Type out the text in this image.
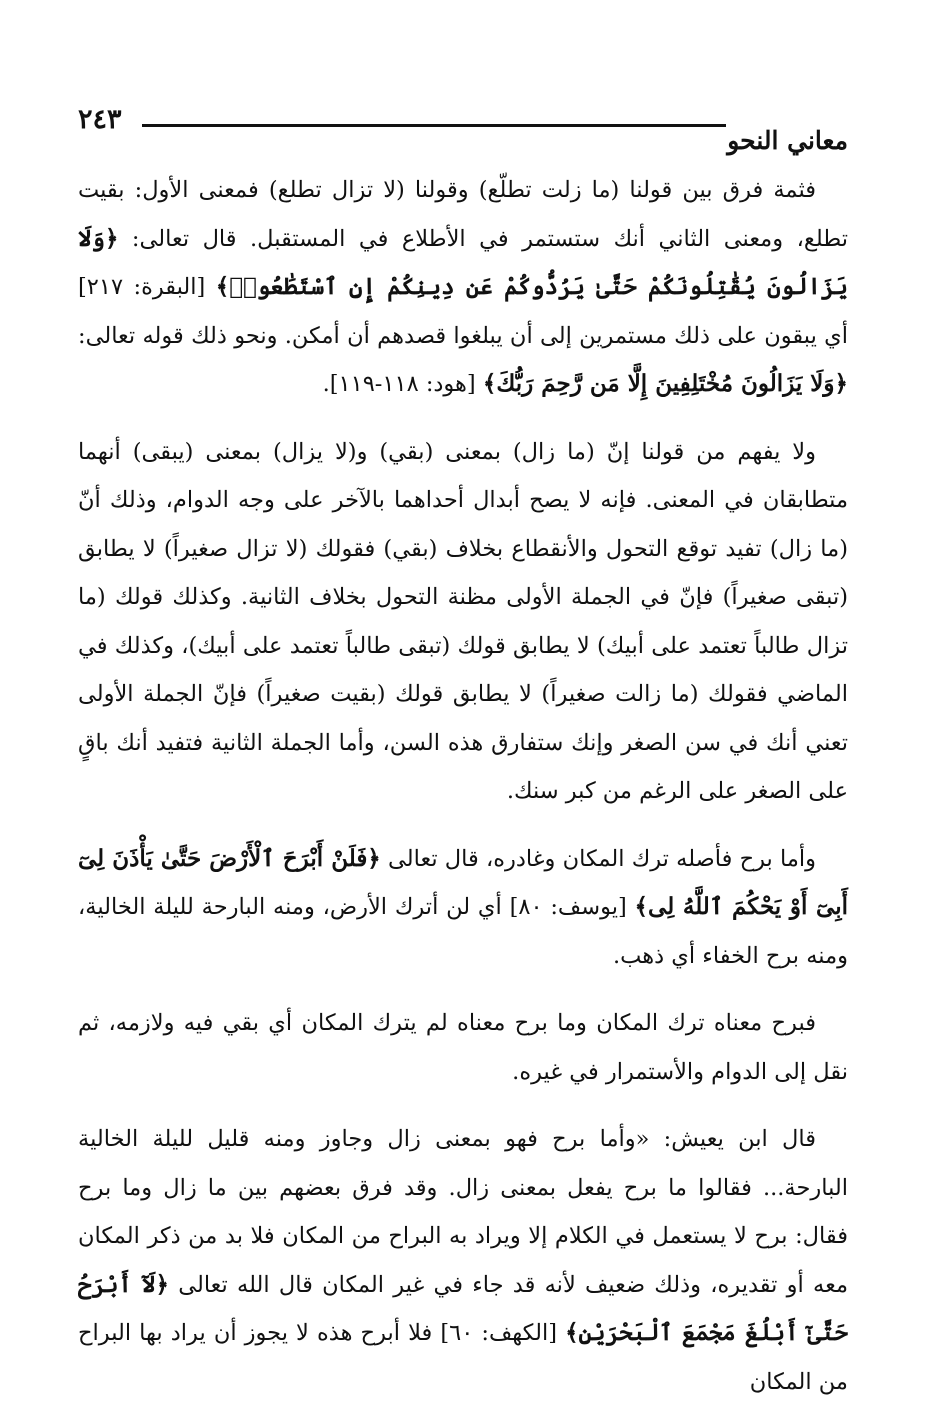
معاني النحو
٢٤٣

فثمة فرق بين قولنا (ما زلت تطلّع) وقولنا (لا تزال تطلع) فمعنى الأول: بقيت تطلع، ومعنى الثاني أنك ستستمر في الأطلاع في المستقبل. قال تعالى: ﴿وَلَا يَزَالُونَ يُقَٰتِلُونَكُمْ حَتَّىٰ يَرُدُّوكُمْ عَن دِينِكُمْ إِنِ ٱسْتَطَٰعُوا۟﴾ [البقرة: ٢١٧] أي يبقون على ذلك مستمرين إلى أن يبلغوا قصدهم أن أمكن. ونحو ذلك قوله تعالى: ﴿وَلَا يَزَالُونَ مُخْتَلِفِينَ إِلَّا مَن رَّحِمَ رَبُّكَ﴾ [هود: ١١٨-١١٩].

ولا يفهم من قولنا إنّ (ما زال) بمعنى (بقي) و(لا يزال) بمعنى (يبقى) أنهما متطابقان في المعنى. فإنه لا يصح أبدال أحداهما بالآخر على وجه الدوام، وذلك أنّ (ما زال) تفيد توقع التحول والأنقطاع بخلاف (بقي) فقولك (لا تزال صغيراً) لا يطابق (تبقى صغيراً) فإنّ في الجملة الأولى مظنة التحول بخلاف الثانية. وكذلك قولك (ما تزال طالباً تعتمد على أبيك) لا يطابق قولك (تبقى طالباً تعتمد على أبيك)، وكذلك في الماضي فقولك (ما زالت صغيراً) لا يطابق قولك (بقيت صغيراً) فإنّ الجملة الأولى تعني أنك في سن الصغر وإنك ستفارق هذه السن، وأما الجملة الثانية فتفيد أنك باقٍ على الصغر على الرغم من كبر سنك.

وأما برح فأصله ترك المكان وغادره، قال تعالى ﴿فَلَنْ أَبْرَحَ ٱلْأَرْضَ حَتَّىٰ يَأْذَنَ لِىٓ أَبِىٓ أَوْ يَحْكُمَ ٱللَّهُ لِى﴾ [يوسف: ٨٠] أي لن أترك الأرض، ومنه البارحة لليلة الخالية، ومنه برح الخفاء أي ذهب.

فبرح معناه ترك المكان وما برح معناه لم يترك المكان أي بقي فيه ولازمه، ثم نقل إلى الدوام والأستمرار في غيره.

قال ابن يعيش: «وأما برح فهو بمعنى زال وجاوز ومنه قليل لليلة الخالية البارحة... فقالوا ما برح يفعل بمعنى زال. وقد فرق بعضهم بين ما زال وما برح فقال: برح لا يستعمل في الكلام إلا ويراد به البراح من المكان فلا بد من ذكر المكان معه أو تقديره، وذلك ضعيف لأنه قد جاء في غير المكان قال الله تعالى ﴿لَآ أَبْرَحُ حَتَّىٰٓ أَبْلُغَ مَجْمَعَ ٱلْبَحْرَيْنِ﴾ [الكهف: ٦٠] فلا أبرح هذه لا يجوز أن يراد بها البراح من المكان
